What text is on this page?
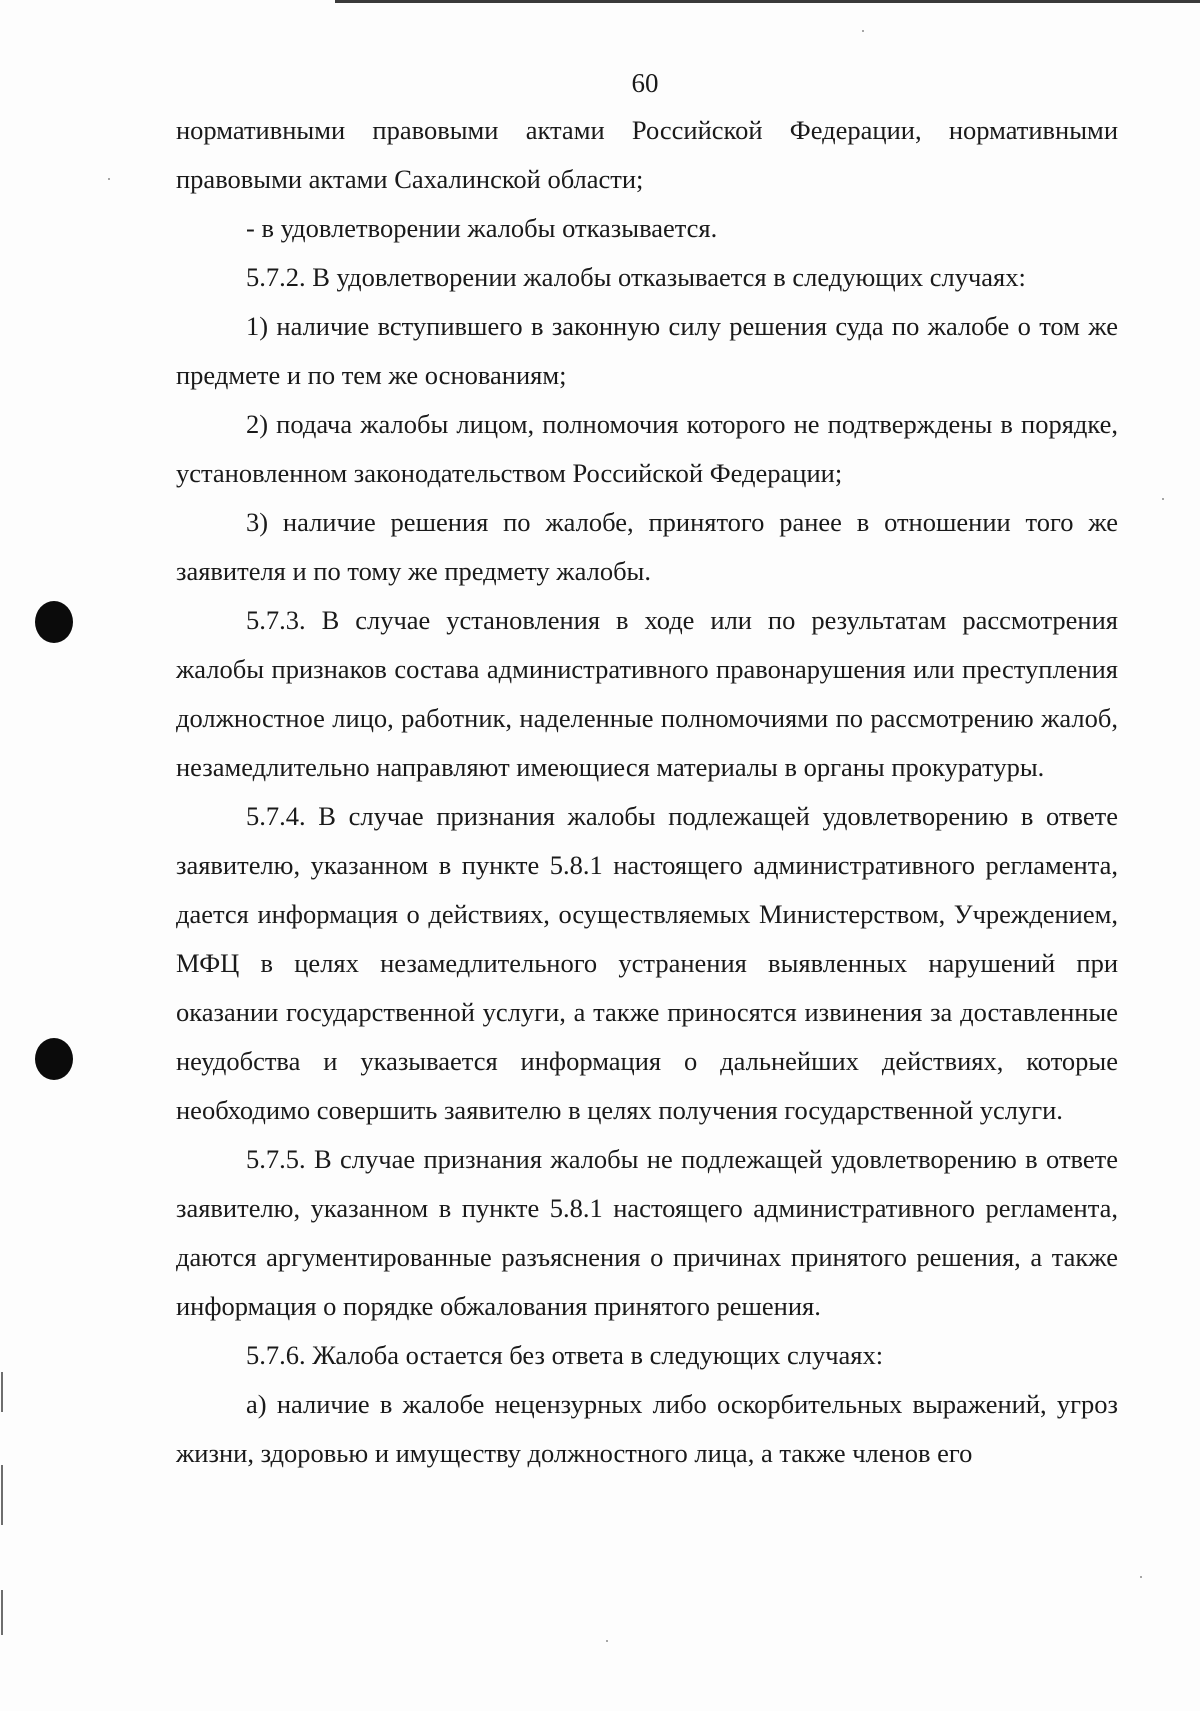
60

нормативными правовыми актами Российской Федерации, нормативными правовыми актами Сахалинской области;

- в удовлетворении жалобы отказывается.

5.7.2. В удовлетворении жалобы отказывается в следующих случаях:

1) наличие вступившего в законную силу решения суда по жалобе о том же предмете и по тем же основаниям;

2) подача жалобы лицом, полномочия которого не подтверждены в порядке, установленном законодательством Российской Федерации;

3) наличие решения по жалобе, принятого ранее в отношении того же заявителя и по тому же предмету жалобы.

5.7.3. В случае установления в ходе или по результатам рассмотрения жалобы признаков состава административного правонарушения или преступления должностное лицо, работник, наделенные полномочиями по рассмотрению жалоб, незамедлительно направляют имеющиеся материалы в органы прокуратуры.

5.7.4. В случае признания жалобы подлежащей удовлетворению в ответе заявителю, указанном в пункте 5.8.1 настоящего административного регламента, дается информация о действиях, осуществляемых Министерством, Учреждением, МФЦ в целях незамедлительного устранения выявленных нарушений при оказании государственной услуги, а также приносятся извинения за доставленные неудобства и указывается информация о дальнейших действиях, которые необходимо совершить заявителю в целях получения государственной услуги.

5.7.5. В случае признания жалобы не подлежащей удовлетворению в ответе заявителю, указанном в пункте 5.8.1 настоящего административного регламента, даются аргументированные разъяснения о причинах принятого решения, а также информация о порядке обжалования принятого решения.

5.7.6. Жалоба остается без ответа в следующих случаях:

а) наличие в жалобе нецензурных либо оскорбительных выражений, угроз жизни, здоровью и имуществу должностного лица, а также членов его
